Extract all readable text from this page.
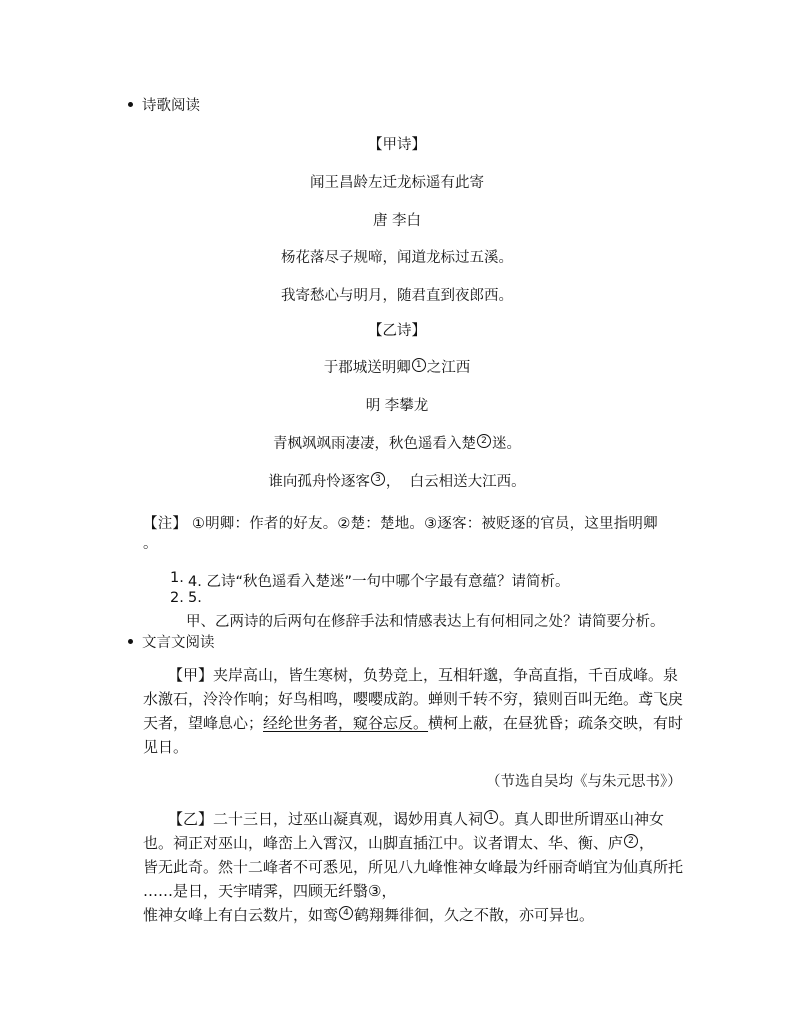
诗歌阅读
【甲诗】
闻王昌龄左迁龙标遥有此寄
唐 李白
杨花落尽子规啼，闻道龙标过五溪。
我寄愁心与明月，随君直到夜郎西。
【乙诗】
于郡城送明卿 1 之江西
明 李攀龙
青枫飒飒雨凄凄，秋色遥看入楚 2 迷。
谁向孤舟怜逐客 3 ，  白云相送大江西。
【注】 ①明卿：作者的好友。②楚：楚地。③逐客：被贬逐的官员，这里指明卿
。
1. 4. 乙诗“秋色遥看入楚迷”一句中哪个字最有意蕴？请简析。
2. 5.
甲、乙两诗的后两句在修辞手法和情感表达上有何相同之处？请简要分析。
文言文阅读
【甲】夹岸高山，皆生寒树，负势竞上，互相轩邈，争高直指，千百成峰。泉
水激石，泠泠作响；好鸟相鸣，嘤嘤成韵。蝉则千转不穷，猿则百叫无绝。鸢飞戾
天者，望峰息心；经纶世务者，窥谷忘反。横柯上蔽，在昼犹昏；疏条交映，有时
见日。
（节选自吴均《与朱元思书》）
【乙】二十三日，过巫山凝真观，谒妙用真人祠 1 。真人即世所谓巫山神女
也。祠正对巫山，峰峦上入霄汉，山脚直插江中。议者谓太、华、衡、庐 2 ，
皆无此奇。然十二峰者不可悉见，所见八九峰惟神女峰最为纤丽奇峭宜为仙真所托
……是日，天宇晴霁，四顾无纤翳③，
惟神女峰上有白云数片，如鸾 4 鹤翔舞徘徊，久之不散，亦可异也。
